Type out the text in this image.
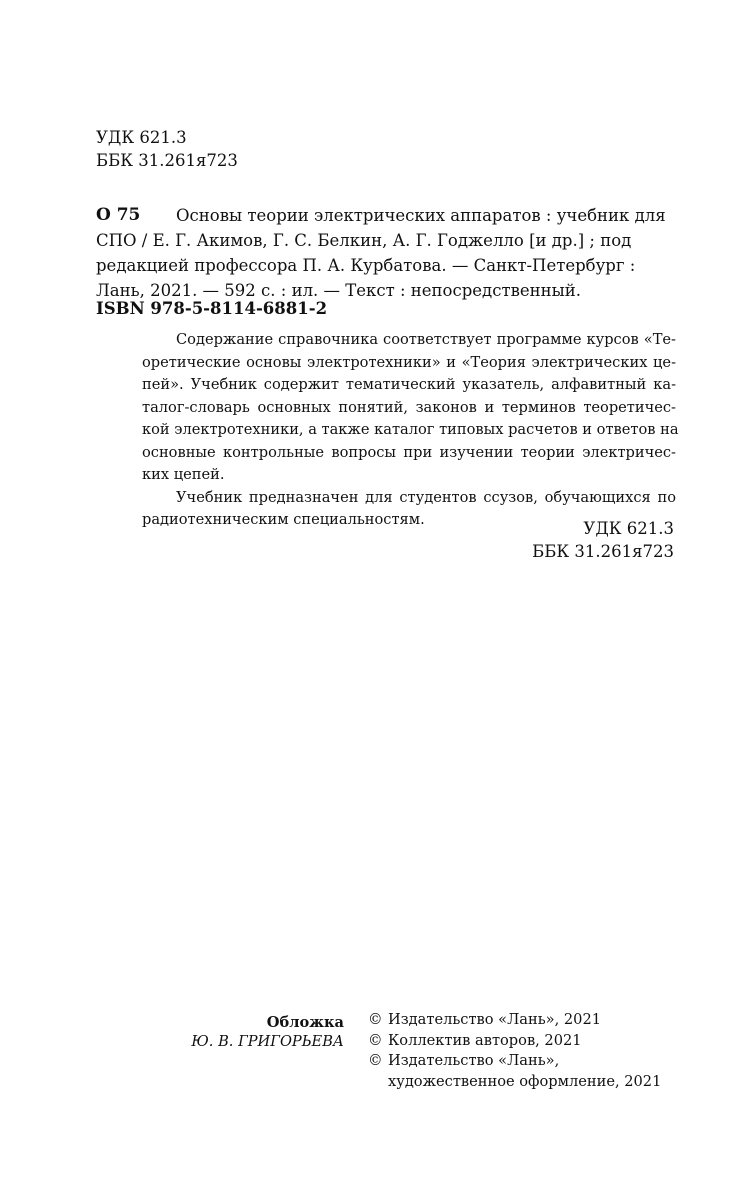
УДК 621.3
ББК 31.261я723
О 75 Основы теории электрических аппаратов : учебник для
СПО / Е. Г. Акимов, Г. С. Белкин, А. Г. Годжелло [и др.] ; под
редакцией профессора П. А. Курбатова. — Санкт-Петербург :
Лань, 2021. — 592 с. : ил. — Текст : непосредственный.
ISBN 978-5-8114-6881-2
Содержание справочника соответствует программе курсов «Те-
оретические основы электротехники» и «Теория электрических це-
пей». Учебник содержит тематический указатель, алфавитный ка-
талог-словарь основных понятий, законов и терминов теоретичес-
кой электротехники, а также каталог типовых расчетов и ответов на
основные контрольные вопросы при изучении теории электричес-
ких цепей.
Учебник предназначен для студентов ссузов, обучающихся по
радиотехническим специальностям.	УДК 621.3
ББК 31.261я723
Обложка
Ю. В. ГРИГОРЬЕВА
© Издательство «Лань», 2021
© Коллектив авторов, 2021
© Издательство «Лань»,
художественное оформление, 2021
